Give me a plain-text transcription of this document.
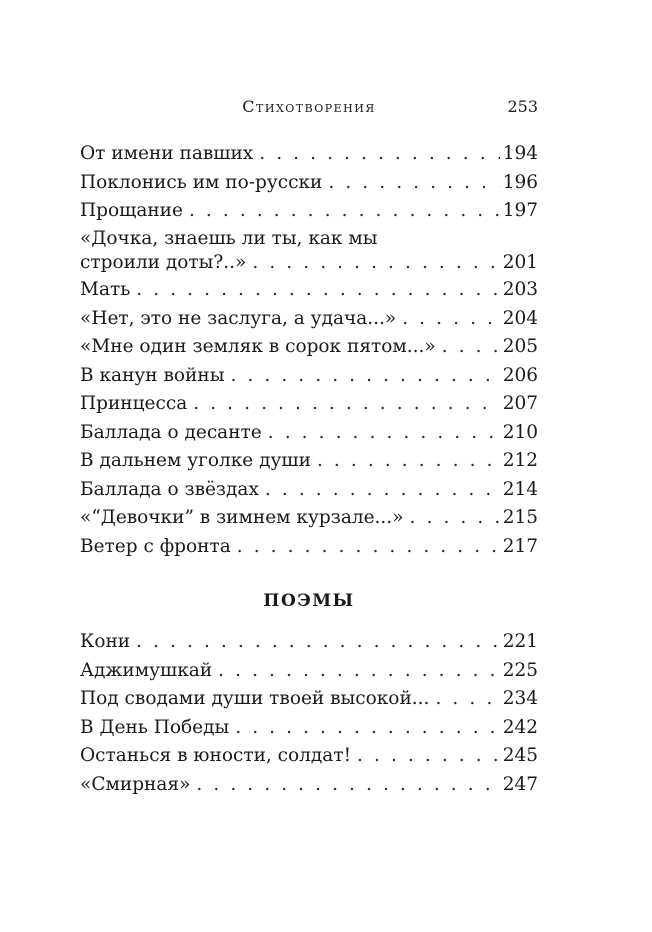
Стихотворения	253
От имени павших . . .	194
Поклонись им по-русски . . .	196
Прощание . . .	197
«Дочка, знаешь ли ты, как мы
строили доты?..» . . .	201
Мать . . .	203
«Нет, это не заслуга, а удача...» . . .	204
«Мне один земляк в сорок пятом...» . . .	205
В канун войны . . .	206
Принцесса . . .	207
Баллада о десанте . . .	210
В дальнем уголке души . . .	212
Баллада о звёздах . . .	214
«“Девочки” в зимнем курзале...» . . .	215
Ветер с фронта . . .	217
ПОЭМЫ
Кони . . .	221
Аджимушкай . . .	225
Под сводами души твоей высокой... . . .	234
В День Победы . . .	242
Останься в юности, солдат! . . .	245
«Смирная» . . .	247
